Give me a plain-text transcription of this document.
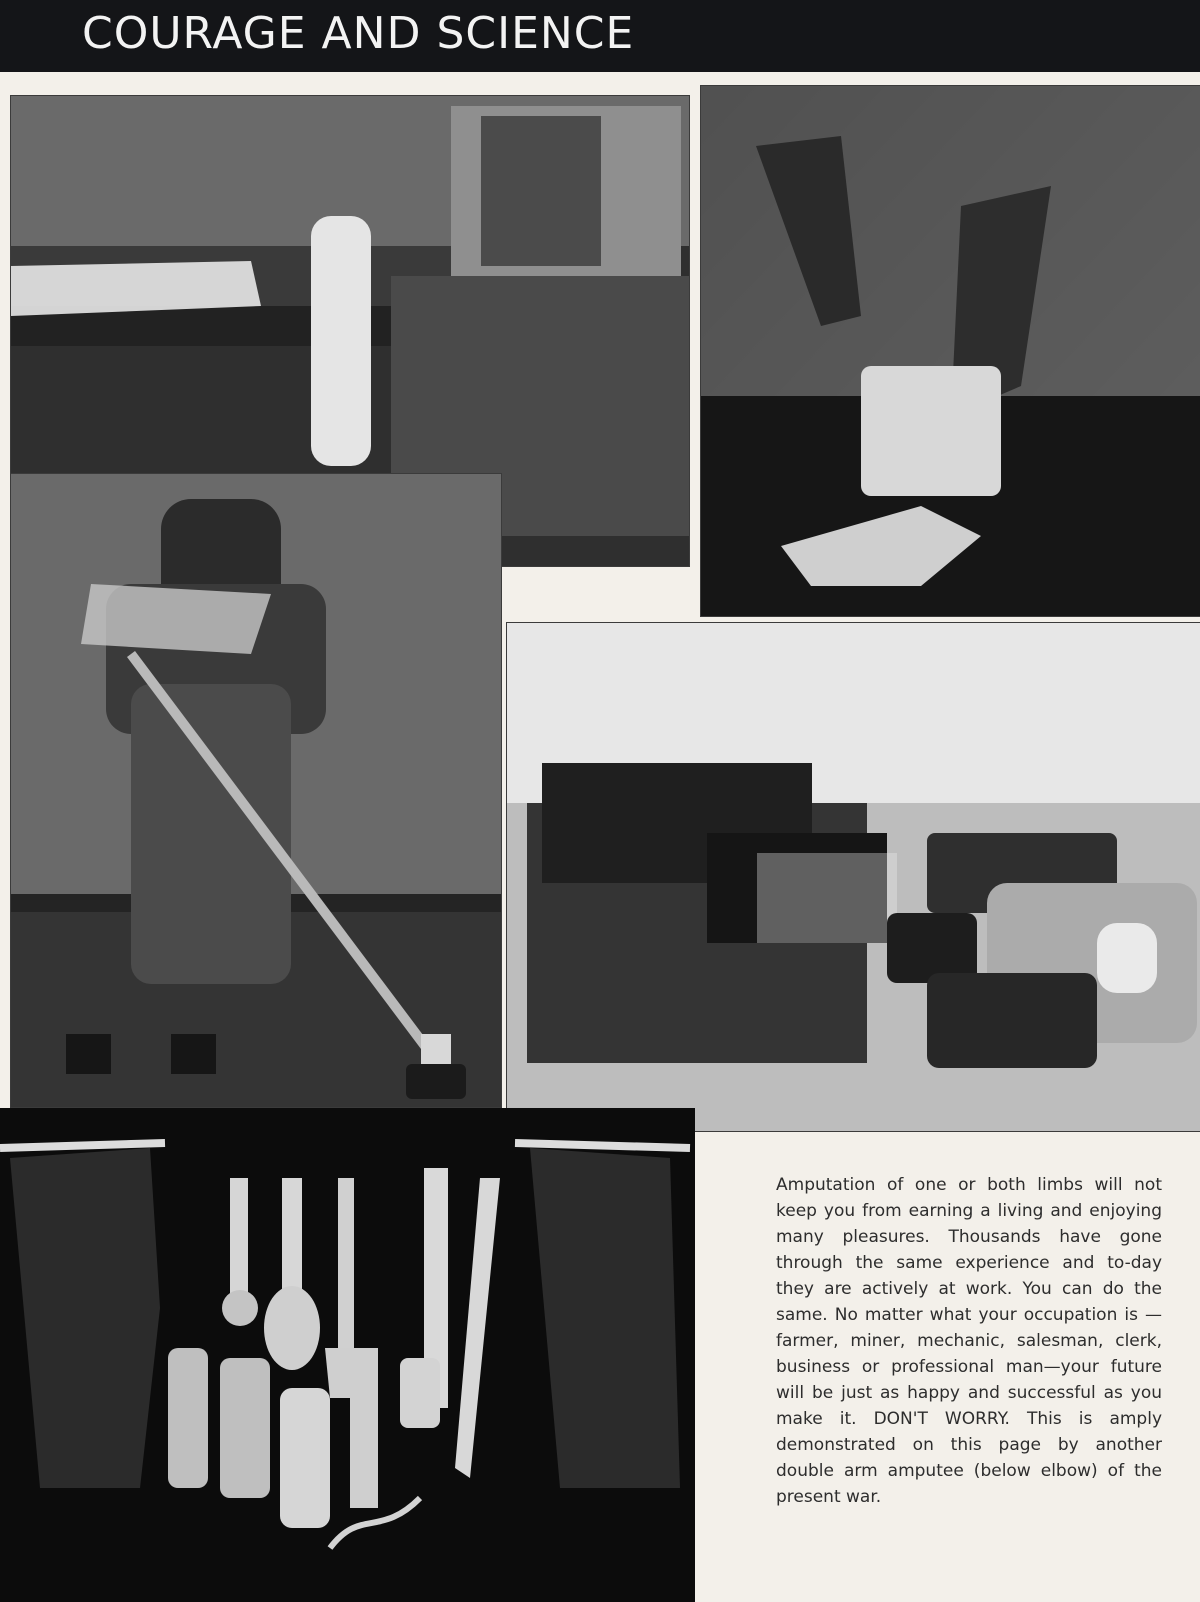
COURAGE AND SCIENCE

Amputation of one or both limbs will not keep you from earning a living and enjoying many pleasures. Thousands have gone through the same experience and to-day they are actively at work. You can do the same. No matter what your occupation is — farmer, miner, mechanic, salesman, clerk, business or professional man—your future will be just as happy and successful as you make it. DON'T WORRY. This is amply demonstrated on this page by another double arm amputee (below elbow) of the present war.
